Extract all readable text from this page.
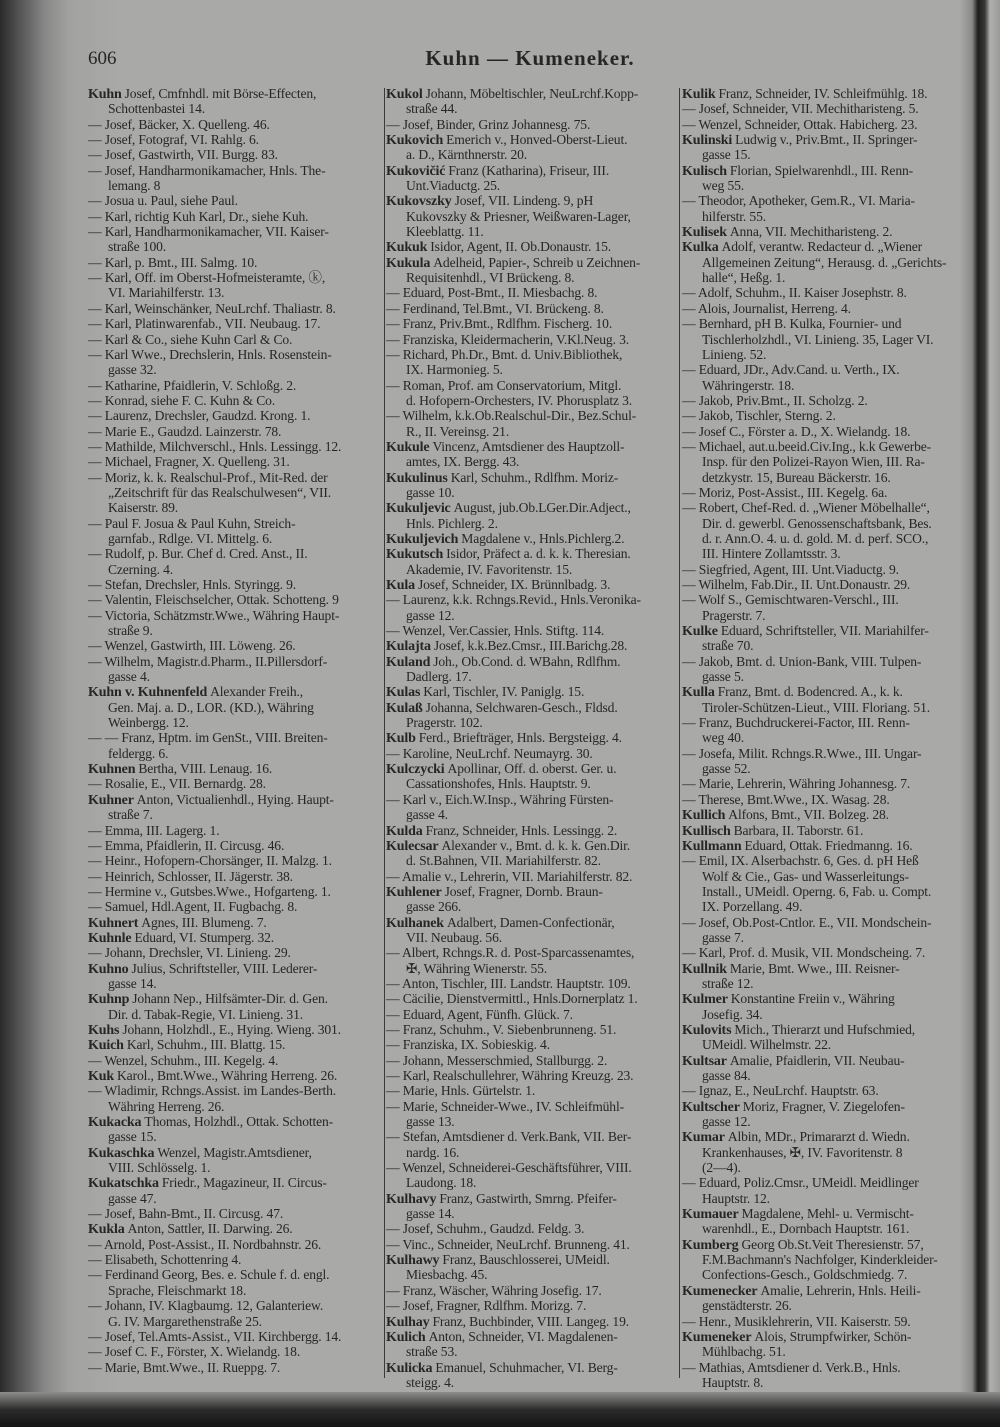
606	Kuhn — Kumeneker.
Kuhn Josef, Cmfnhdl. mit Börse-Effecten,
Schottenbastei 14.
— Josef, Bäcker, X. Quelleng. 46.
— Josef, Fotograf, VI. Rahlg. 6.
— Josef, Gastwirth, VII. Burgg. 83.
— Josef, Handharmonikamacher, Hnls. The-
lemang. 8
— Josua u. Paul, siehe Paul.
— Karl, richtig Kuh Karl, Dr., siehe Kuh.
— Karl, Handharmonikamacher, VII. Kaiser-
straße 100.
— Karl, p. Bmt., III. Salmg. 10.
— Karl, Off. im Oberst-Hofmeisteramte, ⓚ,
VI. Mariahilferstr. 13.
— Karl, Weinschänker, NeuLrchf. Thaliastr. 8.
— Karl, Platinwarenfab., VII. Neubaug. 17.
— Karl & Co., siehe Kuhn Carl & Co.
— Karl Wwe., Drechslerin, Hnls. Rosenstein-
gasse 32.
— Katharine, Pfaidlerin, V. Schloßg. 2.
— Konrad, siehe F. C. Kuhn & Co.
— Laurenz, Drechsler, Gaudzd. Krong. 1.
— Marie E., Gaudzd. Lainzerstr. 78.
— Mathilde, Milchverschl., Hnls. Lessingg. 12.
— Michael, Fragner, X. Quelleng. 31.
— Moriz, k. k. Realschul-Prof., Mit-Red. der
„Zeitschrift für das Realschulwesen“, VII.
Kaiserstr. 89.
— Paul F. Josua & Paul Kuhn, Streich-
garnfab., Rdlge. VI. Mittelg. 6.
— Rudolf, p. Bur. Chef d. Cred. Anst., II.
Czerning. 4.
— Stefan, Drechsler, Hnls. Styringg. 9.
— Valentin, Fleischselcher, Ottak. Schotteng. 9
— Victoria, Schätzmstr.Wwe., Währing Haupt-
straße 9.
— Wenzel, Gastwirth, III. Löweng. 26.
— Wilhelm, Magistr.d.Pharm., II.Pillersdorf-
gasse 4.
Kuhn v. Kuhnenfeld Alexander Freih.,
Gen. Maj. a. D., LOR. (KD.), Währing
Weinbergg. 12.
— — Franz, Hptm. im GenSt., VIII. Breiten-
feldergg. 6.
Kuhnen Bertha, VIII. Lenaug. 16.
— Rosalie, E., VII. Bernardg. 28.
Kuhner Anton, Victualienhdl., Hying. Haupt-
straße 7.
— Emma, III. Lagerg. 1.
— Emma, Pfaidlerin, II. Circusg. 46.
— Heinr., Hofopern-Chorsänger, II. Malzg. 1.
— Heinrich, Schlosser, II. Jägerstr. 38.
— Hermine v., Gutsbes.Wwe., Hofgarteng. 1.
— Samuel, Hdl.Agent, II. Fugbachg. 8.
Kuhnert Agnes, III. Blumeng. 7.
Kuhnle Eduard, VI. Stumperg. 32.
— Johann, Drechsler, VI. Linieng. 29.
Kuhno Julius, Schriftsteller, VIII. Lederer-
gasse 14.
Kuhnp Johann Nep., Hilfsämter-Dir. d. Gen.
Dir. d. Tabak-Regie, VI. Linieng. 31.
Kuhs Johann, Holzhdl., E., Hying. Wieng. 301.
Kuich Karl, Schuhm., III. Blattg. 15.
— Wenzel, Schuhm., III. Kegelg. 4.
Kuk Karol., Bmt.Wwe., Währing Herreng. 26.
— Wladimir, Rchngs.Assist. im Landes-Berth.
Währing Herreng. 26.
Kukacka Thomas, Holzhdl., Ottak. Schotten-
gasse 15.
Kukaschka Wenzel, Magistr.Amtsdiener,
VIII. Schlösselg. 1.
Kukatschka Friedr., Magazineur, II. Circus-
gasse 47.
— Josef, Bahn-Bmt., II. Circusg. 47.
Kukla Anton, Sattler, II. Darwing. 26.
— Arnold, Post-Assist., II. Nordbahnstr. 26.
— Elisabeth, Schottenring 4.
— Ferdinand Georg, Bes. e. Schule f. d. engl.
Sprache, Fleischmarkt 18.
— Johann, IV. Klagbaumg. 12, Galanteriew.
G. IV. Margarethenstraße 25.
— Josef, Tel.Amts-Assist., VII. Kirchbergg. 14.
— Josef C. F., Förster, X. Wielandg. 18.
— Marie, Bmt.Wwe., II. Rueppg. 7.
Kukol Johann, Möbeltischler, NeuLrchf.Kopp-
straße 44.
— Josef, Binder, Grinz Johannesg. 75.
Kukovich Emerich v., Honved-Oberst-Lieut.
a. D., Kärnthnerstr. 20.
Kukovičić Franz (Katharina), Friseur, III.
Unt.Viaductg. 25.
Kukovszky Josef, VII. Lindeng. 9, pH
Kukovszky & Priesner, Weißwaren-Lager,
Kleeblattg. 11.
Kukuk Isidor, Agent, II. Ob.Donaustr. 15.
Kukula Adelheid, Papier-, Schreib u Zeichnen-
Requisitenhdl., VI Brückeng. 8.
— Eduard, Post-Bmt., II. Miesbachg. 8.
— Ferdinand, Tel.Bmt., VI. Brückeng. 8.
— Franz, Priv.Bmt., Rdlfhm. Fischerg. 10.
— Franziska, Kleidermacherin, V.Kl.Neug. 3.
— Richard, Ph.Dr., Bmt. d. Univ.Bibliothek,
IX. Harmonieg. 5.
— Roman, Prof. am Conservatorium, Mitgl.
d. Hofopern-Orchesters, IV. Phorusplatz 3.
— Wilhelm, k.k.Ob.Realschul-Dir., Bez.Schul-
R., II. Vereinsg. 21.
Kukule Vincenz, Amtsdiener des Hauptzoll-
amtes, IX. Bergg. 43.
Kukulinus Karl, Schuhm., Rdlfhm. Moriz-
gasse 10.
Kukuljevic August, jub.Ob.LGer.Dir.Adject.,
Hnls. Pichlerg. 2.
Kukuljevich Magdalene v., Hnls.Pichlerg.2.
Kukutsch Isidor, Präfect a. d. k. k. Theresian.
Akademie, IV. Favoritenstr. 15.
Kula Josef, Schneider, IX. Brünnlbadg. 3.
— Laurenz, k.k. Rchngs.Revid., Hnls.Veronika-
gasse 12.
— Wenzel, Ver.Cassier, Hnls. Stiftg. 114.
Kulajta Josef, k.k.Bez.Cmsr., III.Barichg.28.
Kuland Joh., Ob.Cond. d. WBahn, Rdlfhm.
Dadlerg. 17.
Kulas Karl, Tischler, IV. Paniglg. 15.
Kulaß Johanna, Selchwaren-Gesch., Fldsd.
Pragerstr. 102.
Kulb Ferd., Briefträger, Hnls. Bergsteigg. 4.
— Karoline, NeuLrchf. Neumayrg. 30.
Kulczycki Apollinar, Off. d. oberst. Ger. u.
Cassationshofes, Hnls. Hauptstr. 9.
— Karl v., Eich.W.Insp., Währing Fürsten-
gasse 4.
Kulda Franz, Schneider, Hnls. Lessingg. 2.
Kulecsar Alexander v., Bmt. d. k. k. Gen.Dir.
d. St.Bahnen, VII. Mariahilferstr. 82.
— Amalie v., Lehrerin, VII. Mariahilferstr. 82.
Kuhlener Josef, Fragner, Dornb. Braun-
gasse 266.
Kulhanek Adalbert, Damen-Confectionär,
VII. Neubaug. 56.
— Albert, Rchngs.R. d. Post-Sparcassenamtes,
✠, Währing Wienerstr. 55.
— Anton, Tischler, III. Landstr. Hauptstr. 109.
— Cäcilie, Dienstvermittl., Hnls.Dornerplatz 1.
— Eduard, Agent, Fünfh. Glück. 7.
— Franz, Schuhm., V. Siebenbrunneng. 51.
— Franziska, IX. Sobieskig. 4.
— Johann, Messerschmied, Stallburgg. 2.
— Karl, Realschullehrer, Währing Kreuzg. 23.
— Marie, Hnls. Gürtelstr. 1.
— Marie, Schneider-Wwe., IV. Schleifmühl-
gasse 13.
— Stefan, Amtsdiener d. Verk.Bank, VII. Ber-
nardg. 16.
— Wenzel, Schneiderei-Geschäftsführer, VIII.
Laudong. 18.
Kulhavy Franz, Gastwirth, Smrng. Pfeifer-
gasse 14.
— Josef, Schuhm., Gaudzd. Feldg. 3.
— Vinc., Schneider, NeuLrchf. Brunneng. 41.
Kulhawy Franz, Bauschlosserei, UMeidl.
Miesbachg. 45.
— Franz, Wäscher, Währing Josefig. 17.
— Josef, Fragner, Rdlfhm. Morizg. 7.
Kulhay Franz, Buchbinder, VIII. Langeg. 19.
Kulich Anton, Schneider, VI. Magdalenen-
straße 53.
Kulicka Emanuel, Schuhmacher, VI. Berg-
steigg. 4.
Kulik Franz, Schneider, IV. Schleifmühlg. 18.
— Josef, Schneider, VII. Mechitharisteng. 5.
— Wenzel, Schneider, Ottak. Habicherg. 23.
Kulinski Ludwig v., Priv.Bmt., II. Springer-
gasse 15.
Kulisch Florian, Spielwarenhdl., III. Renn-
weg 55.
— Theodor, Apotheker, Gem.R., VI. Maria-
hilferstr. 55.
Kulisek Anna, VII. Mechitharisteng. 2.
Kulka Adolf, verantw. Redacteur d. „Wiener
Allgemeinen Zeitung“, Herausg. d. „Gerichts-
halle“, Heßg. 1.
— Adolf, Schuhm., II. Kaiser Josephstr. 8.
— Alois, Journalist, Herreng. 4.
— Bernhard, pH B. Kulka, Fournier- und
Tischlerholzhdl., VI. Linieng. 35, Lager VI.
Linieng. 52.
— Eduard, JDr., Adv.Cand. u. Verth., IX.
Währingerstr. 18.
— Jakob, Priv.Bmt., II. Scholzg. 2.
— Jakob, Tischler, Sterng. 2.
— Josef C., Förster a. D., X. Wielandg. 18.
— Michael, aut.u.beeid.Civ.Ing., k.k Gewerbe-
Insp. für den Polizei-Rayon Wien, III. Ra-
detzkystr. 15, Bureau Bäckerstr. 16.
— Moriz, Post-Assist., III. Kegelg. 6a.
— Robert, Chef-Red. d. „Wiener Möbelhalle“,
Dir. d. gewerbl. Genossenschaftsbank, Bes.
d. r. Ann.O. 4. u. d. gold. M. d. perf. SCO.,
III. Hintere Zollamtsstr. 3.
— Siegfried, Agent, III. Unt.Viaductg. 9.
— Wilhelm, Fab.Dir., II. Unt.Donaustr. 29.
— Wolf S., Gemischtwaren-Verschl., III.
Pragerstr. 7.
Kulke Eduard, Schriftsteller, VII. Mariahilfer-
straße 70.
— Jakob, Bmt. d. Union-Bank, VIII. Tulpen-
gasse 5.
Kulla Franz, Bmt. d. Bodencred. A., k. k.
Tiroler-Schützen-Lieut., VIII. Floriang. 51.
— Franz, Buchdruckerei-Factor, III. Renn-
weg 40.
— Josefa, Milit. Rchngs.R.Wwe., III. Ungar-
gasse 52.
— Marie, Lehrerin, Währing Johannesg. 7.
— Therese, Bmt.Wwe., IX. Wasag. 28.
Kullich Alfons, Bmt., VII. Bolzeg. 28.
Kullisch Barbara, II. Taborstr. 61.
Kullmann Eduard, Ottak. Friedmanng. 16.
— Emil, IX. Alserbachstr. 6, Ges. d. pH Heß
Wolf & Cie., Gas- und Wasserleitungs-
Install., UMeidl. Operng. 6, Fab. u. Compt.
IX. Porzellang. 49.
— Josef, Ob.Post-Cntlor. E., VII. Mondschein-
gasse 7.
— Karl, Prof. d. Musik, VII. Mondscheing. 7.
Kullnik Marie, Bmt. Wwe., III. Reisner-
straße 12.
Kulmer Konstantine Freiin v., Währing
Josefig. 34.
Kulovits Mich., Thierarzt und Hufschmied,
UMeidl. Wilhelmstr. 22.
Kultsar Amalie, Pfaidlerin, VII. Neubau-
gasse 84.
— Ignaz, E., NeuLrchf. Hauptstr. 63.
Kultscher Moriz, Fragner, V. Ziegelofen-
gasse 12.
Kumar Albin, MDr., Primararzt d. Wiedn.
Krankenhauses, ✠, IV. Favoritenstr. 8
(2—4).
— Eduard, Poliz.Cmsr., UMeidl. Meidlinger
Hauptstr. 12.
Kumauer Magdalene, Mehl- u. Vermischt-
warenhdl., E., Dornbach Hauptstr. 161.
Kumberg Georg Ob.St.Veit Theresienstr. 57,
F.M.Bachmann's Nachfolger, Kinderkleider-
Confections-Gesch., Goldschmiedg. 7.
Kumenecker Amalie, Lehrerin, Hnls. Heili-
genstädterstr. 26.
— Henr., Musiklehrerin, VII. Kaiserstr. 59.
Kumeneker Alois, Strumpfwirker, Schön-
Mühlbachg. 51.
— Mathias, Amtsdiener d. Verk.B., Hnls.
Hauptstr. 8.
